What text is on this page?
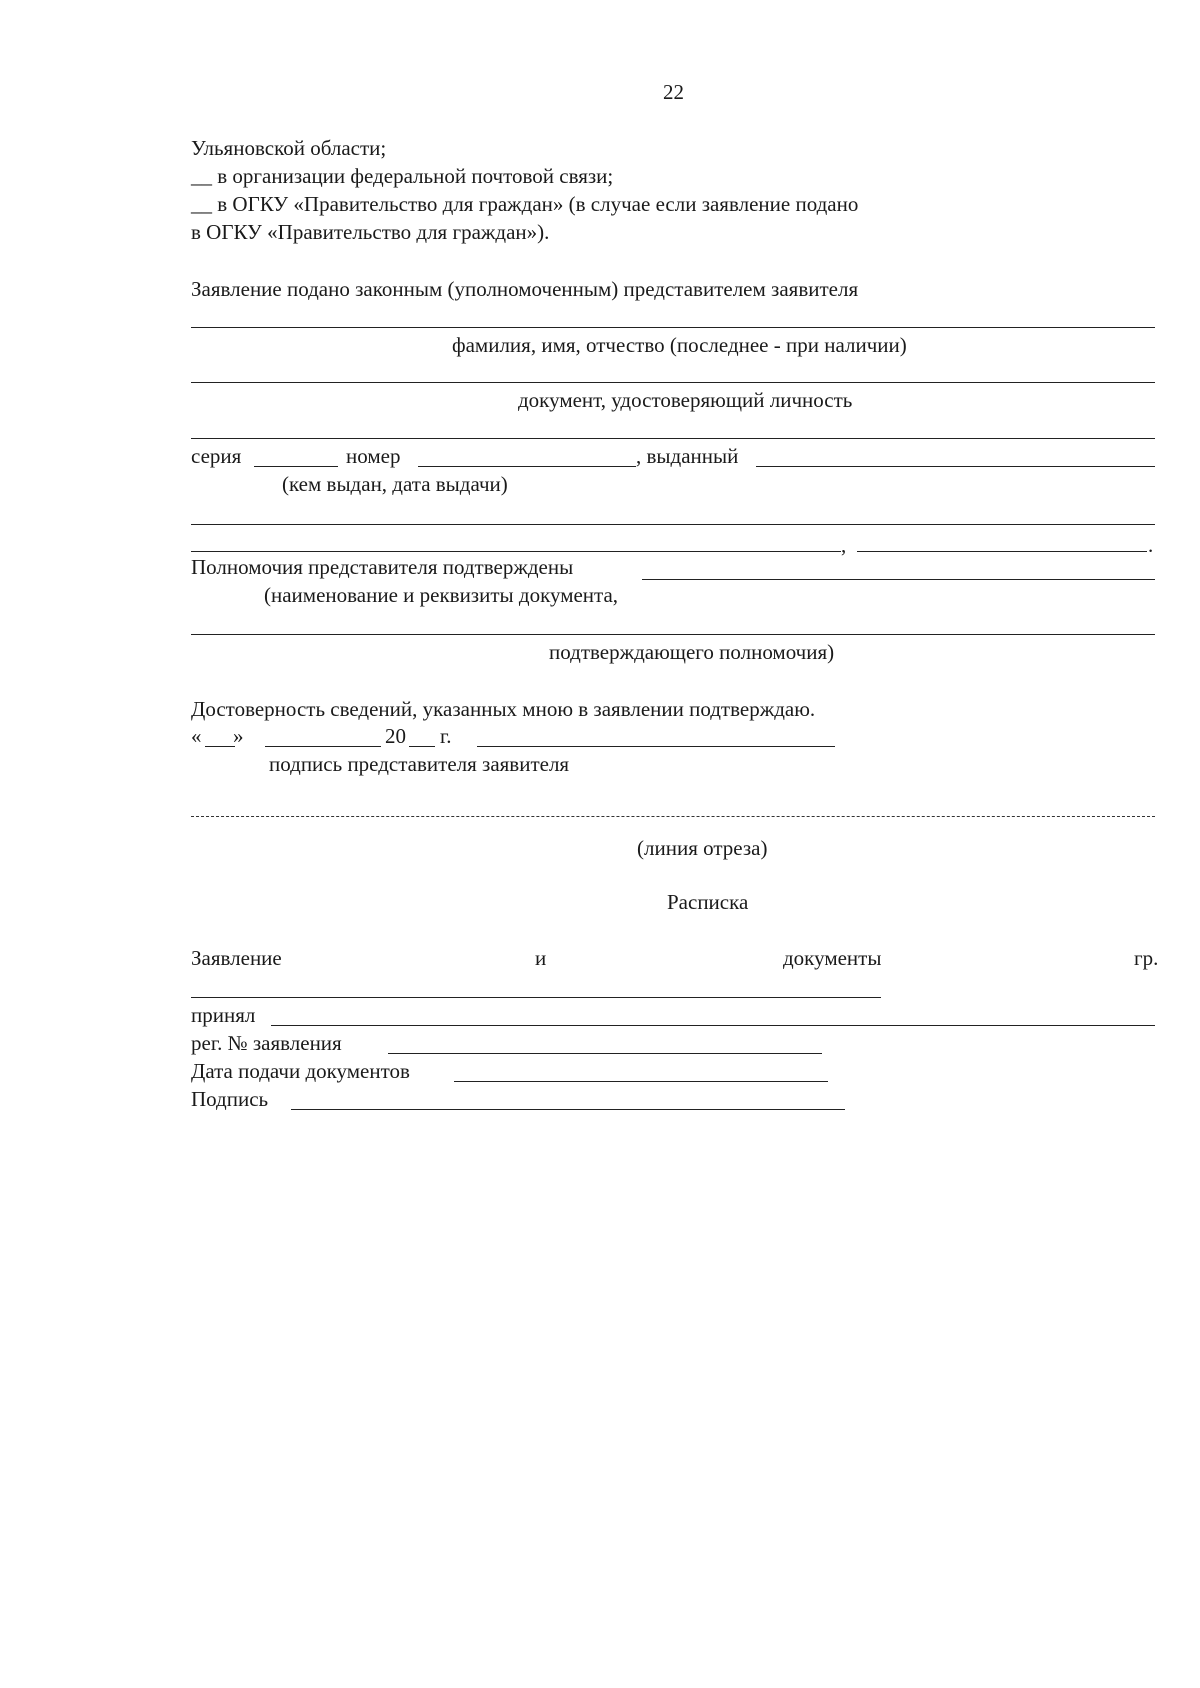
22
Ульяновской области;
__ в организации федеральной почтовой связи;
__ в ОГКУ «Правительство для граждан» (в случае если заявление подано
в ОГКУ «Правительство для граждан»).
Заявление подано законным (уполномоченным) представителем заявителя
фамилия, имя, отчество (последнее - при наличии)
документ, удостоверяющий личность
серия	номер	, выданный
(кем выдан, дата выдачи)
,	.
Полномочия представителя подтверждены
(наименование и реквизиты документа,
подтверждающего полномочия)
Достоверность сведений, указанных мною в заявлении подтверждаю.
« »	20 г.
подпись представителя заявителя
(линия отреза)
Расписка
Заявление	и	документы	гр.
принял
рег. № заявления
Дата подачи документов
Подпись
